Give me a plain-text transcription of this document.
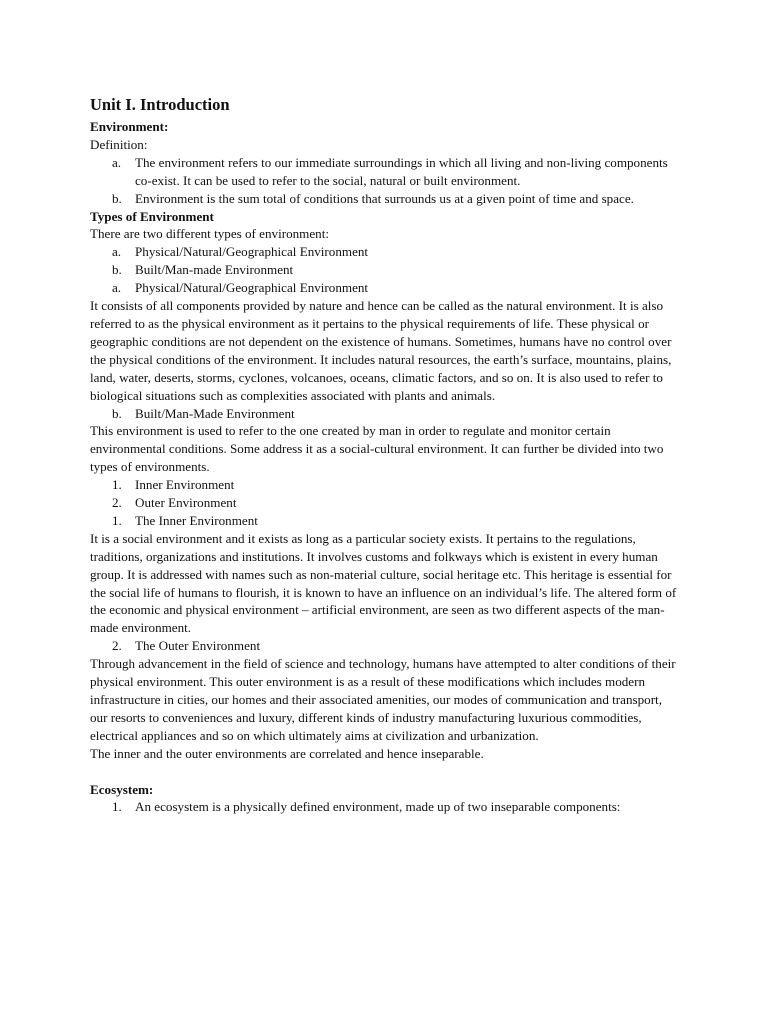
Unit I. Introduction

Environment:

Definition:

a. The environment refers to our immediate surroundings in which all living and non-living components co-exist. It can be used to refer to the social, natural or built environment.
b. Environment is the sum total of conditions that surrounds us at a given point of time and space.

Types of Environment

There are two different types of environment:

a. Physical/Natural/Geographical Environment
b. Built/Man-made Environment
a. Physical/Natural/Geographical Environment

It consists of all components provided by nature and hence can be called as the natural environment. It is also referred to as the physical environment as it pertains to the physical requirements of life. These physical or geographic conditions are not dependent on the existence of humans. Sometimes, humans have no control over the physical conditions of the environment. It includes natural resources, the earth’s surface, mountains, plains, land, water, deserts, storms, cyclones, volcanoes, oceans, climatic factors, and so on. It is also used to refer to biological situations such as complexities associated with plants and animals.

b. Built/Man-Made Environment

This environment is used to refer to the one created by man in order to regulate and monitor certain environmental conditions. Some address it as a social-cultural environment. It can further be divided into two types of environments.

1. Inner Environment
2. Outer Environment
1. The Inner Environment

It is a social environment and it exists as long as a particular society exists. It pertains to the regulations, traditions, organizations and institutions. It involves customs and folkways which is existent in every human group. It is addressed with names such as non-material culture, social heritage etc. This heritage is essential for the social life of humans to flourish, it is known to have an influence on an individual’s life. The altered form of the economic and physical environment – artificial environment, are seen as two different aspects of the man-made environment.

2. The Outer Environment

Through advancement in the field of science and technology, humans have attempted to alter conditions of their physical environment. This outer environment is as a result of these modifications which includes modern infrastructure in cities, our homes and their associated amenities, our modes of communication and transport, our resorts to conveniences and luxury, different kinds of industry manufacturing luxurious commodities, electrical appliances and so on which ultimately aims at civilization and urbanization.

The inner and the outer environments are correlated and hence inseparable.

Ecosystem:

1. An ecosystem is a physically defined environment, made up of two inseparable components:
